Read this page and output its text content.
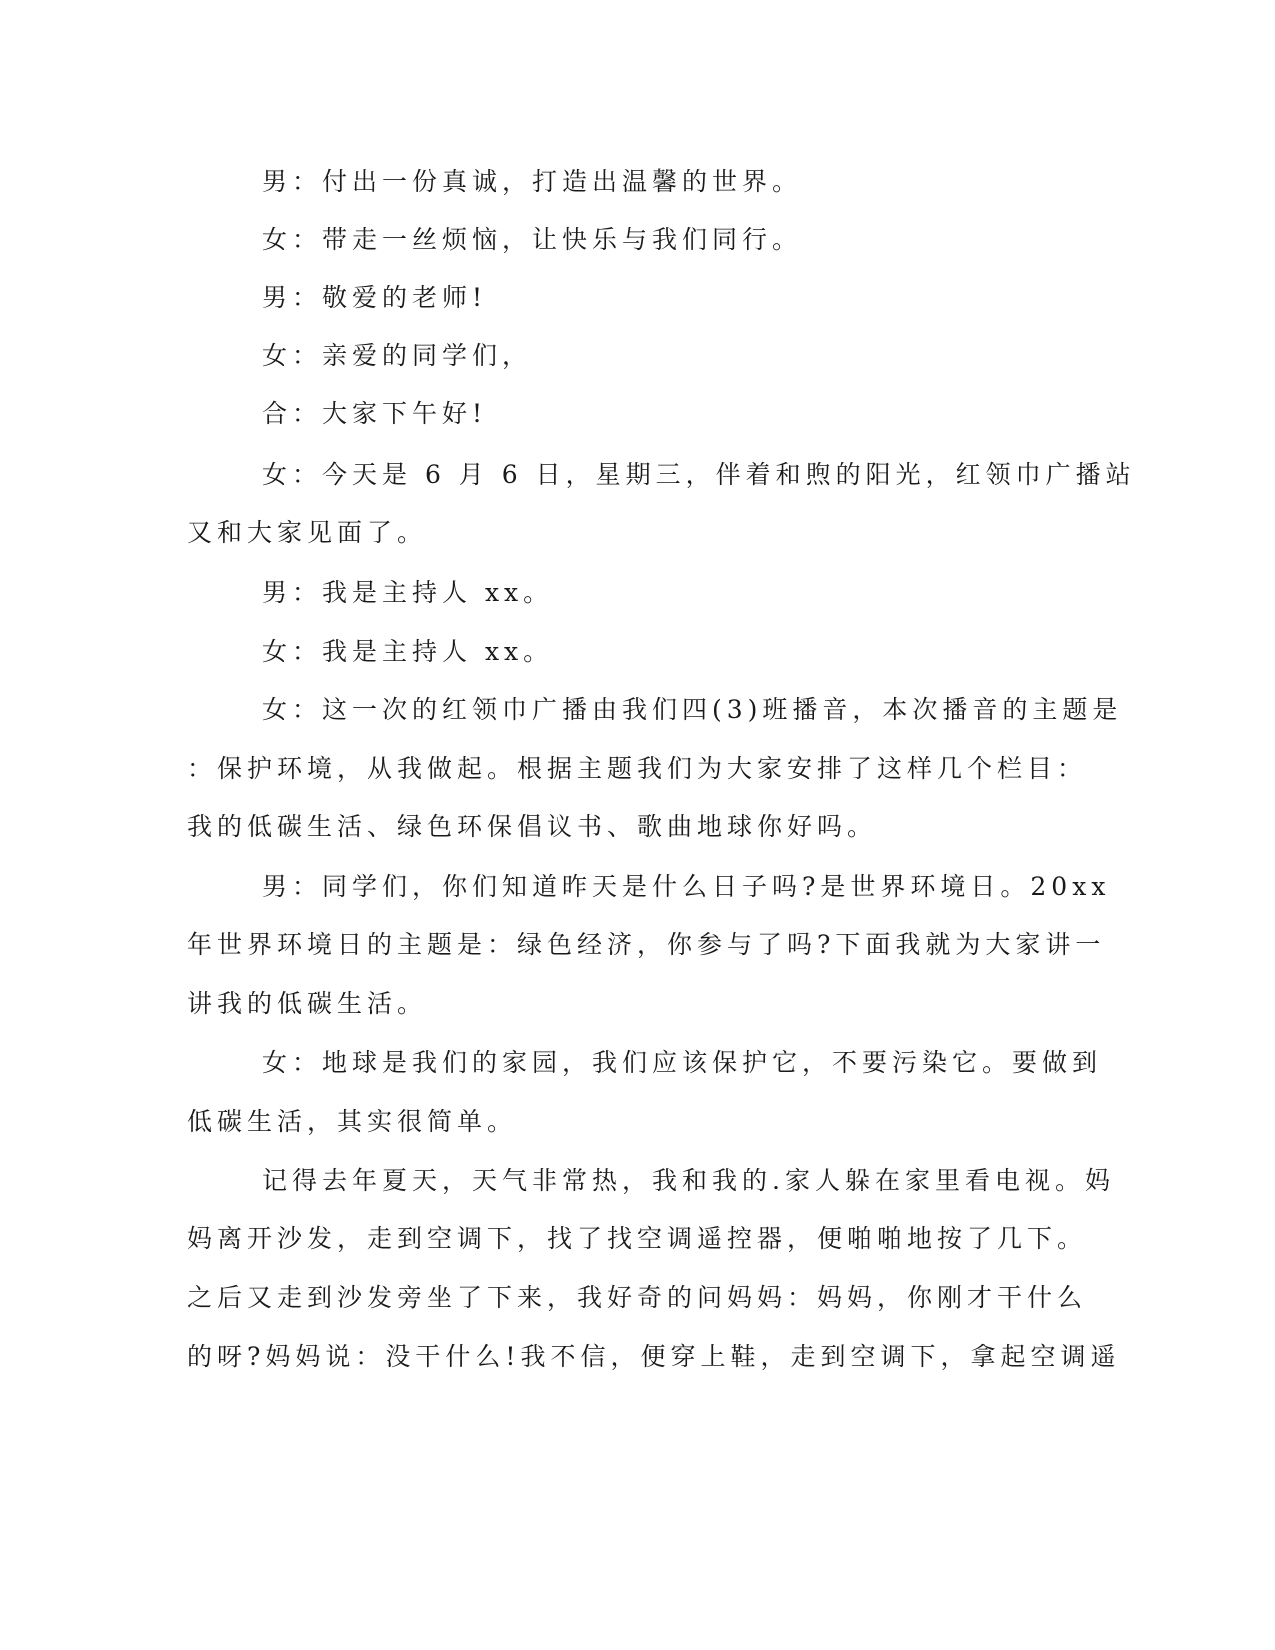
男：付出一份真诚，打造出温馨的世界。
女：带走一丝烦恼，让快乐与我们同行。
男：敬爱的老师!
女：亲爱的同学们，
合：大家下午好!
女：今天是 6 月 6 日，星期三，伴着和煦的阳光，红领巾广播站
又和大家见面了。
男：我是主持人 xx。
女：我是主持人 xx。
女：这一次的红领巾广播由我们四(3)班播音，本次播音的主题是
：保护环境，从我做起。根据主题我们为大家安排了这样几个栏目：
我的低碳生活、绿色环保倡议书、歌曲地球你好吗。
男：同学们，你们知道昨天是什么日子吗?是世界环境日。20xx
年世界环境日的主题是：绿色经济，你参与了吗?下面我就为大家讲一
讲我的低碳生活。
女：地球是我们的家园，我们应该保护它，不要污染它。要做到
低碳生活，其实很简单。
记得去年夏天，天气非常热，我和我的.家人躲在家里看电视。妈
妈离开沙发，走到空调下，找了找空调遥控器，便啪啪地按了几下。
之后又走到沙发旁坐了下来，我好奇的问妈妈：妈妈，你刚才干什么
的呀?妈妈说：没干什么!我不信，便穿上鞋，走到空调下，拿起空调遥
